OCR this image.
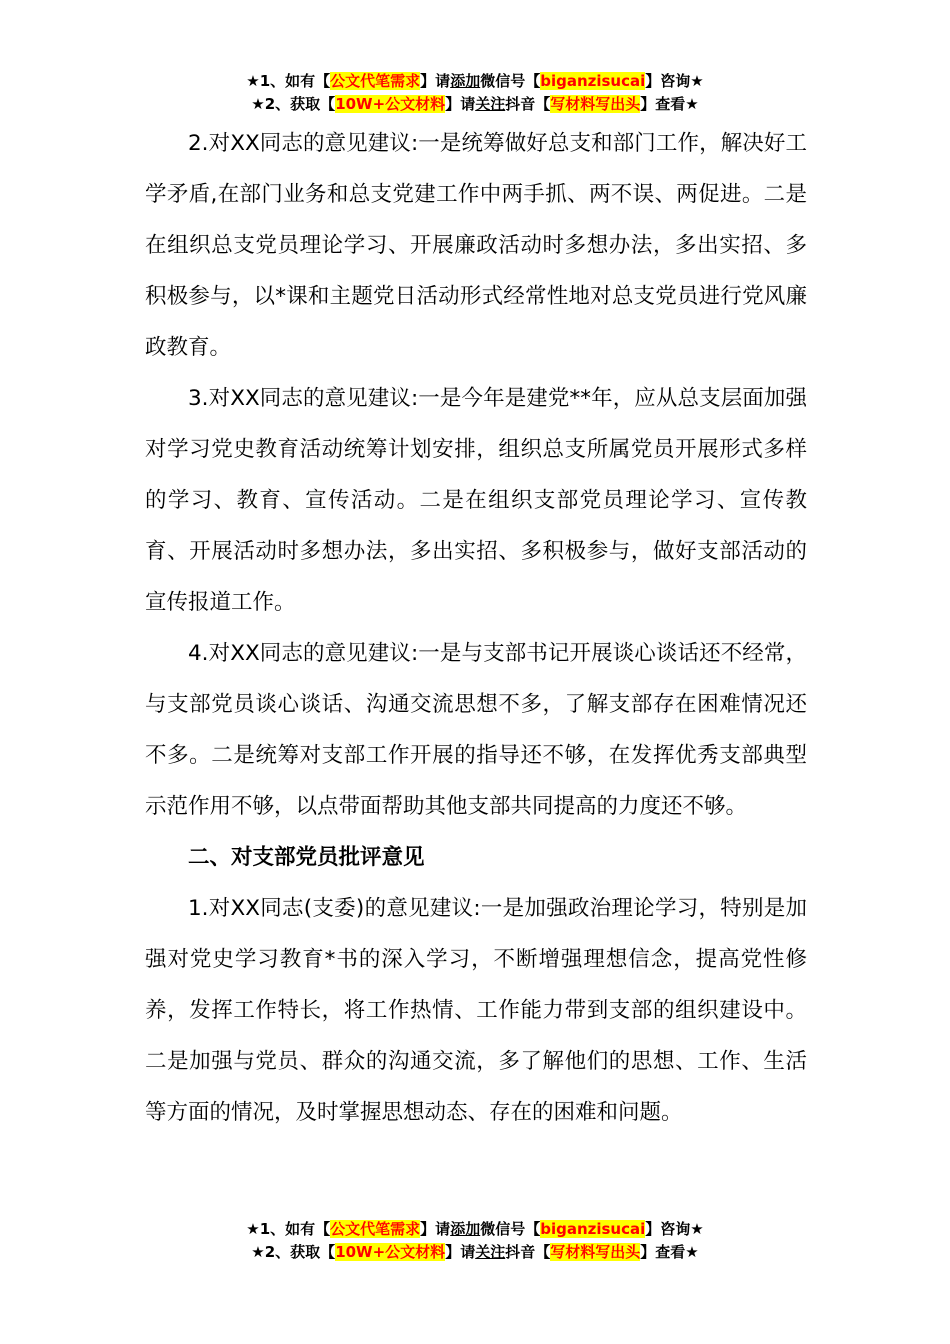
★1、如有【公文代笔需求】请添加微信号【biganzisucai】咨询★
★2、获取【10W+公文材料】请关注抖音【写材料写出头】查看★

2.对XX同志的意见建议:一是统筹做好总支和部门工作，解决好工学矛盾,在部门业务和总支党建工作中两手抓、两不误、两促进。二是在组织总支党员理论学习、开展廉政活动时多想办法，多出实招、多积极参与，以*课和主题党日活动形式经常性地对总支党员进行党风廉政教育。

3.对XX同志的意见建议:一是今年是建党**年，应从总支层面加强对学习党史教育活动统筹计划安排，组织总支所属党员开展形式多样的学习、教育、宣传活动。二是在组织支部党员理论学习、宣传教育、开展活动时多想办法，多出实招、多积极参与，做好支部活动的宣传报道工作。

4.对XX同志的意见建议:一是与支部书记开展谈心谈话还不经常，与支部党员谈心谈话、沟通交流思想不多，了解支部存在困难情况还不多。二是统筹对支部工作开展的指导还不够，在发挥优秀支部典型示范作用不够，以点带面帮助其他支部共同提高的力度还不够。

二、对支部党员批评意见

1.对XX同志(支委)的意见建议:一是加强政治理论学习，特别是加强对党史学习教育*书的深入学习，不断增强理想信念，提高党性修养，发挥工作特长，将工作热情、工作能力带到支部的组织建设中。二是加强与党员、群众的沟通交流，多了解他们的思想、工作、生活等方面的情况，及时掌握思想动态、存在的困难和问题。

★1、如有【公文代笔需求】请添加微信号【biganzisucai】咨询★
★2、获取【10W+公文材料】请关注抖音【写材料写出头】查看★
